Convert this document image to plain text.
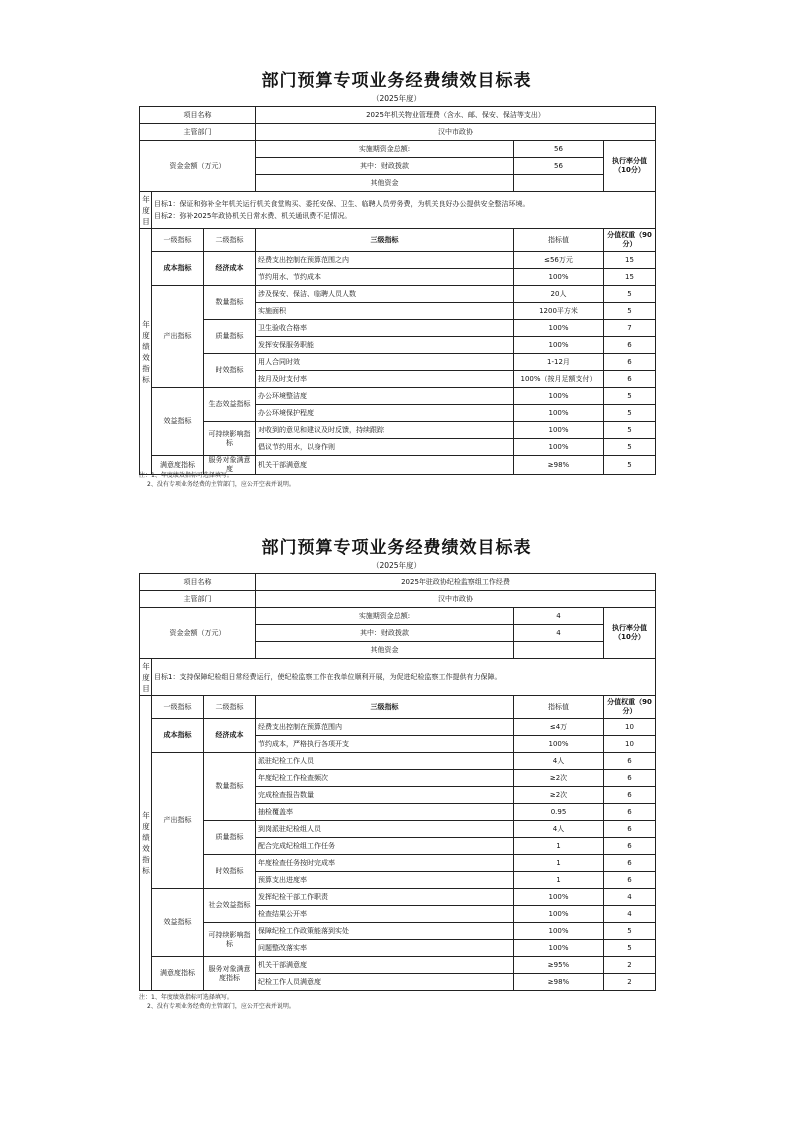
部门预算专项业务经费绩效目标表
（2025年度）
项目名称			2025年机关物业管理费（含水、邮、保安、保洁等支出）		
主管部门			汉中市政协		
资金金额（万元）			实施期资金总额:	56	执行率分值（10分）
			其中：财政拨款	56	
			其他资金		
年度目	目标1：保证和弥补全年机关运行机关食堂购买、委托安保、卫生、临聘人员劳务费，为机关良好办公提供安全整洁环境。
目标2：弥补2025年政协机关日常水费、机关通讯费不足情况。				

年度绩效指标	一级指标	二级指标	三级指标	指标值	分值权重（90分）
	成本指标	经济成本	经费支出控制在预算范围之内	≤56万元	15
			节约用水、节约成本	100%	15
	产出指标	数量指标	涉及保安、保洁、临聘人员人数	20人	5
			实施面积	1200平方米	5
		质量指标	卫生验收合格率	100%	7
			发挥安保服务职能	100%	6
		时效指标	用人合同时效	1-12月	6
			按月及时支付率	100%（按月足额支付）	6
	效益指标	生态效益指标	办公环境整洁度	100%	5
			办公环境保护程度	100%	5
		可持续影响指标	对收到的意见和建议及时反馈，持续跟踪	100%	5
			倡议节约用水，以身作则	100%	5
	满意度指标	服务对象满意度	机关干部满意度	≥98%	5
注：1、年度绩效指标可选择填写。
2、没有专项业务经费的主管部门，应公开空表并说明。
部门预算专项业务经费绩效目标表
（2025年度）
项目名称			2025年驻政协纪检监察组工作经费		
主管部门			汉中市政协		
资金金额（万元）			实施期资金总额:	4	执行率分值（10分）
			其中：财政拨款	4	
			其他资金		
年度目	目标1：支持保障纪检组日常经费运行，使纪检监察工作在我单位顺利开展，为促进纪检监察工作提供有力保障。				

年度绩效指标	一级指标	二级指标	三级指标	指标值	分值权重（90分）
	成本指标	经济成本	经费支出控制在预算范围内	≤4万	10
			节约成本，严格执行各项开支	100%	10
	产出指标	数量指标	派驻纪检工作人员	4人	6
			年度纪检工作检查频次	≥2次	6
			完成检查报告数量	≥2次	6
			抽检覆盖率	0.95	6
		质量指标	到岗派驻纪检组人员	4人	6
			配合完成纪检组工作任务	1	6
		时效指标	年度检查任务按时完成率	1	6
			预算支出进度率	1	6
	效益指标	社会效益指标	发挥纪检干部工作职责	100%	4
			检查结果公开率	100%	4
		可持续影响指标	保障纪检工作政策能落到实处	100%	5
			问题整改落实率	100%	5
	满意度指标	服务对象满意度指标	机关干部满意度	≥95%	2
			纪检工作人员满意度	≥98%	2
注：1、年度绩效指标可选择填写。
2、没有专项业务经费的主管部门，应公开空表并说明。
